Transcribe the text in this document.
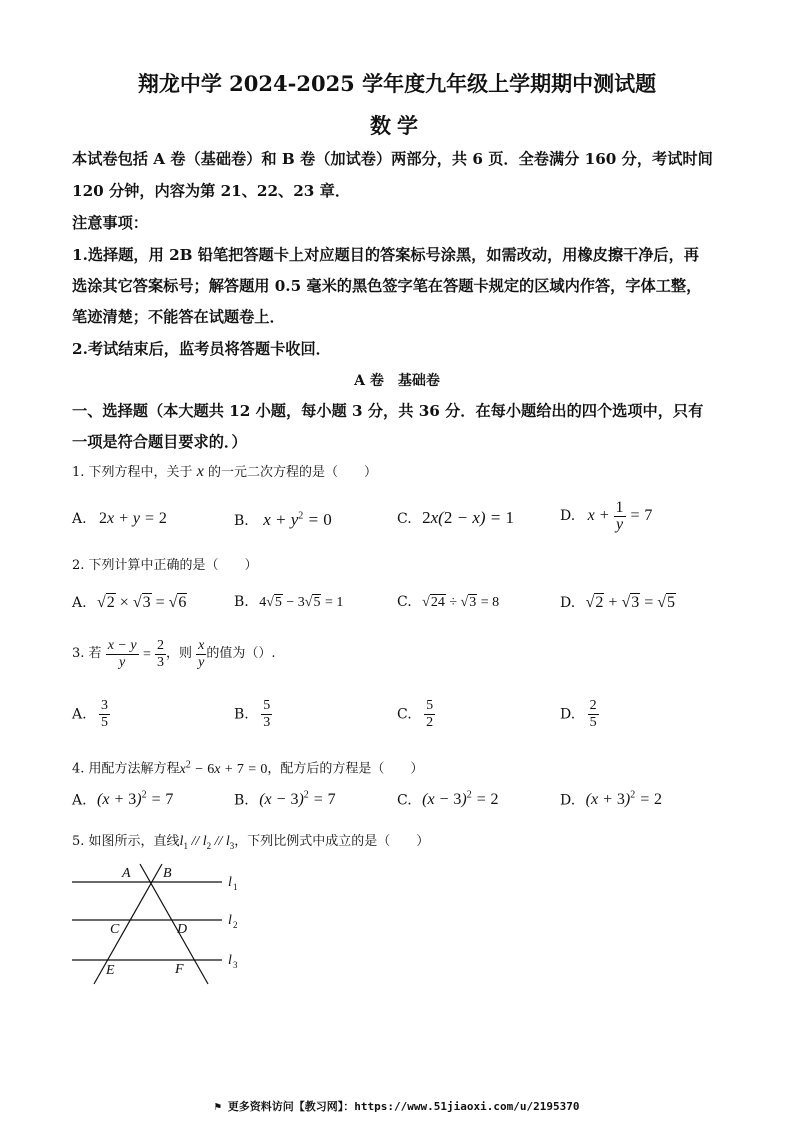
翔龙中学 2024-2025 学年度九年级上学期期中测试题
数学
本试卷包括 A 卷（基础卷）和 B 卷（加试卷）两部分，共 6 页．全卷满分 160 分，考试时间
120 分钟，内容为第 21、22、23 章．
注意事项：
1.选择题，用 2B 铅笔把答题卡上对应题目的答案标号涂黑，如需改动，用橡皮擦干净后，再
选涂其它答案标号；解答题用 0.5 毫米的黑色签字笔在答题卡规定的区域内作答，字体工整，
笔迹清楚；不能答在试题卷上．
2.考试结束后，监考员将答题卡收回．
A 卷　基础卷
一、选择题（本大题共 12 小题，每小题 3 分，共 36 分．在每小题给出的四个选项中，只有
一项是符合题目要求的．）
1. 下列方程中，关于 x 的一元二次方程的是（　　）
A. 2x + y = 2	B. $x + y^2 = 0$	C. 2x(2 − x) = 1	D. $x + \frac{1}{y} = 7$
2. 下列计算中正确的是（　　）
A. √2 × √3 = √6	B. 4√5 − 3√5 = 1	C. √24 ÷ √3 = 8	D. √2 + √3 = √5
3. 若 $\frac{x - y}{y} = \frac{2}{3}$ ，则 $\frac{x}{y}$ 的值为（）.
A. $\frac{3}{5}$	B. $\frac{5}{3}$	C. $\frac{5}{2}$	D. $\frac{2}{5}$
4. 用配方法解方程$x^2 - 6x + 7 = 0$，配方后的方程是（　　）
A. $(x + 3)^2 = 7$	B. $(x - 3)^2 = 7$	C. $(x - 3)^2 = 2$	D. $(x + 3)^2 = 2$
5. 如图所示，直线$l_1 // l_2 // l_3$，下列比例式中成立的是（　　）
A B
C	D
E	F
l
l
l
1
2
3
⚑ 更多资料访问【教习网】：https://www.51jiaoxi.com/u/2195370
